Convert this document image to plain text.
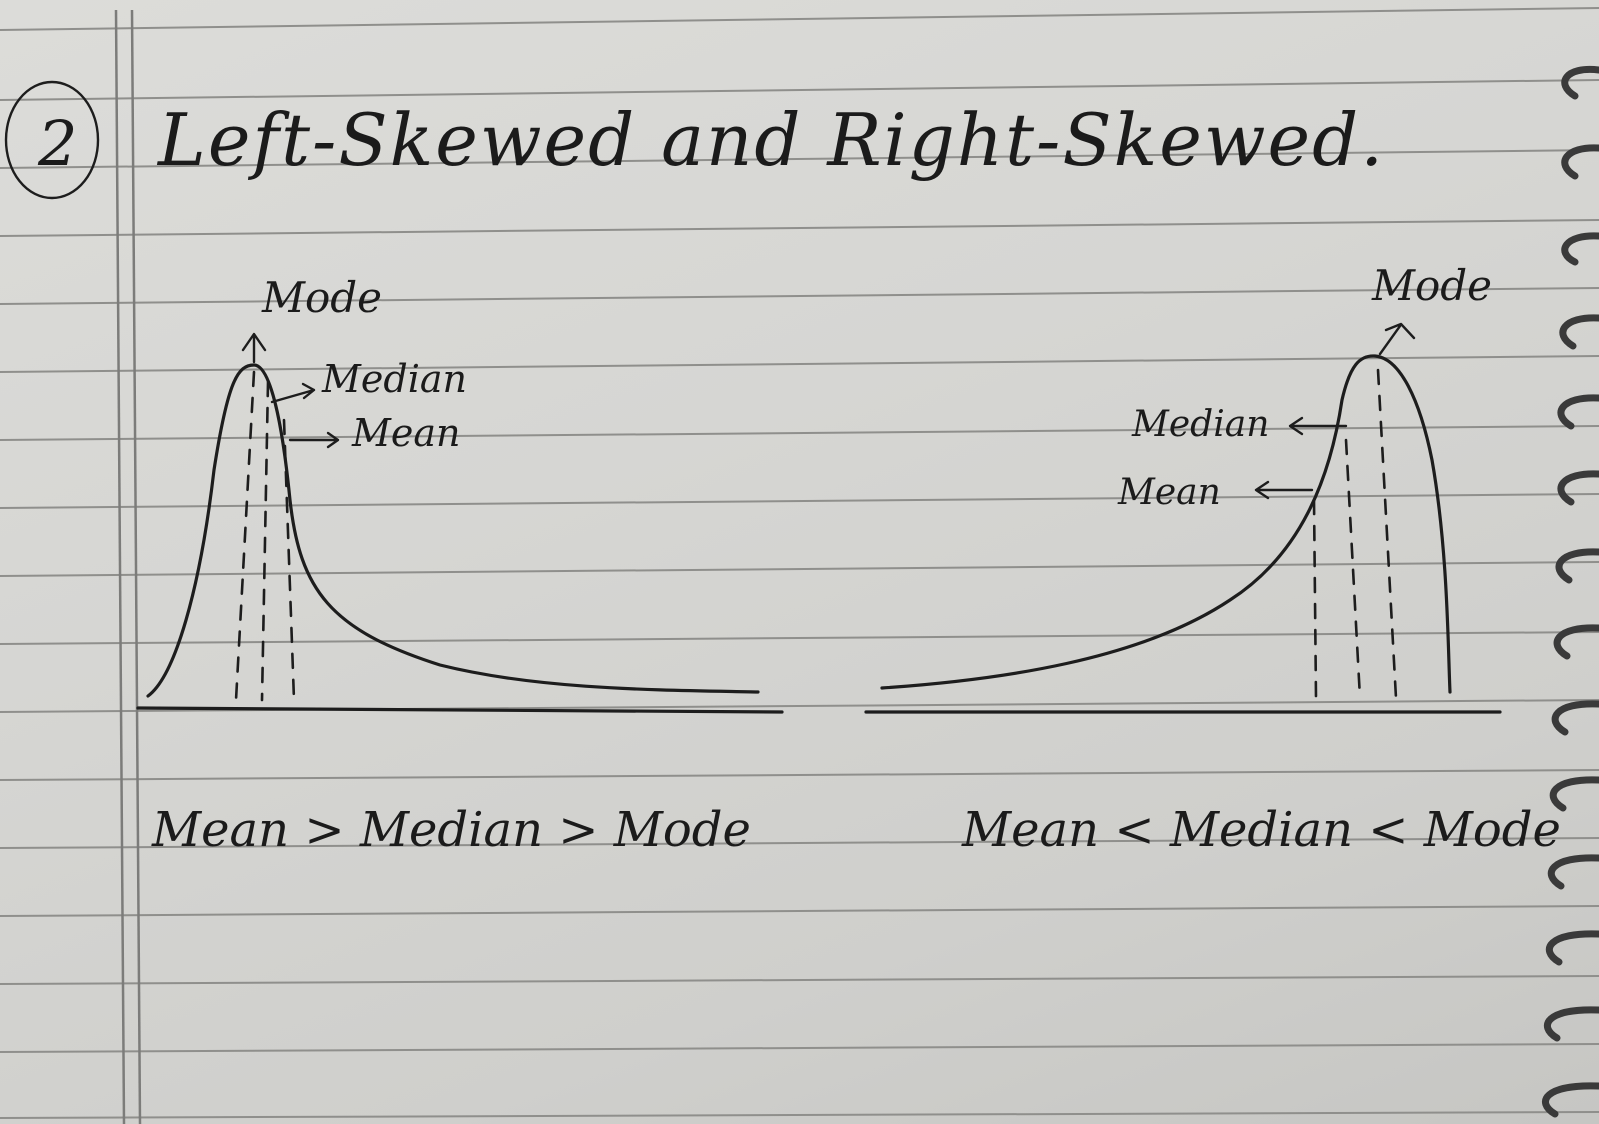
2 Left-Skewed and Right-Skewed.
Mode
Median
Mean
Mean > Median > Mode
Mode
Median
Mean
Mean < Median < Mode
